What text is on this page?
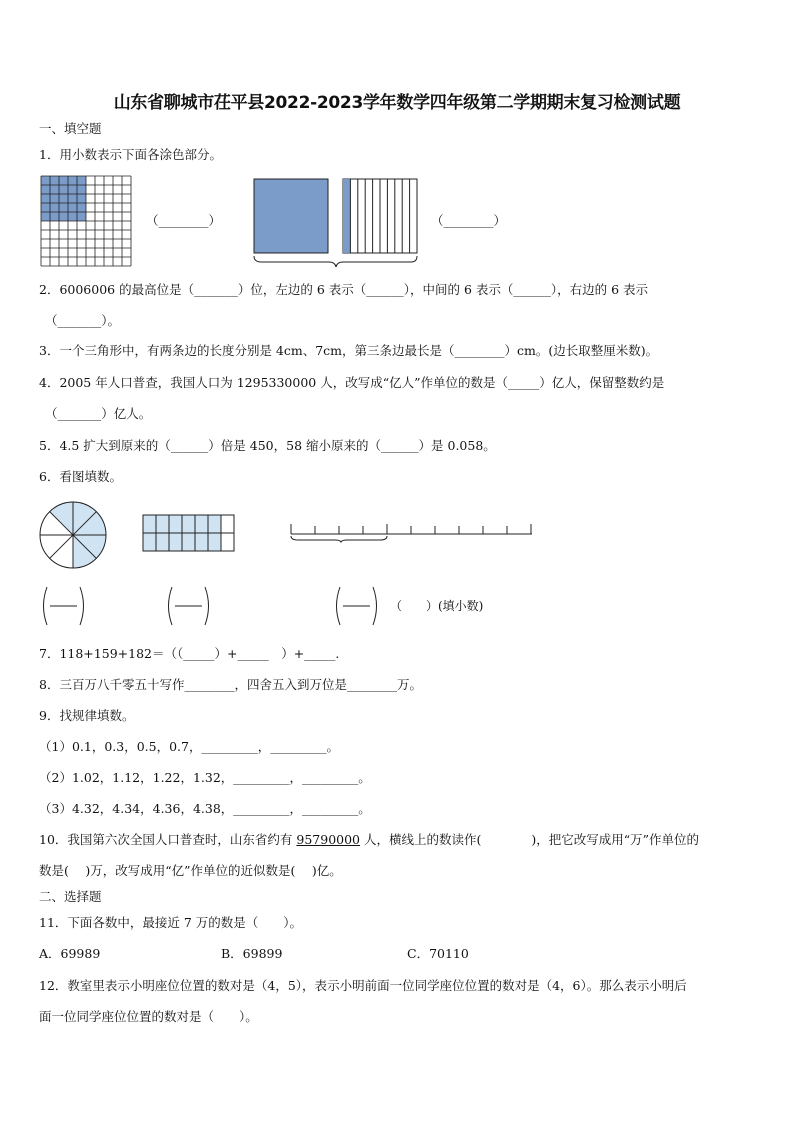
山东省聊城市茌平县2022-2023学年数学四年级第二学期期末复习检测试题
一、填空题
1．用小数表示下面各涂色部分。
（________）	（________）
2．6006006 的最高位是（_______）位，左边的 6 表示（______），中间的 6 表示（______），右边的 6 表示
（_______）。
3．一个三角形中，有两条边的长度分别是 4cm、7cm，第三条边最长是（________）cm。(边长取整厘米数)。
4．2005 年人口普查，我国人口为 1295330000 人，改写成“亿人”作单位的数是（_____）亿人，保留整数约是
（_______）亿人。
5．4.5 扩大到原来的（______）倍是 450，58 缩小原来的（______）是 0.058。
6．看图填数。
（　　）(填小数)
7．118+159+182＝（（_____）+_____　）+_____.
8．三百万八千零五十写作________，四舍五入到万位是________万。
9．找规律填数。
（1）0.1，0.3，0.5，0.7，_________，_________。
（2）1.02，1.12，1.22，1.32，_________，_________。
（3）4.32，4.34，4.36，4.38，_________，_________。
10．我国第六次全国人口普查时，山东省约有 95790000 人，横线上的数读作(　　　　)，把它改写成用“万”作单位的
数是(　 )万，改写成用“亿”作单位的近似数是(　 )亿。
二、选择题
11．下面各数中，最接近 7 万的数是（　　）。
A．69989	B．69899	C．70110
12．教室里表示小明座位位置的数对是（4，5），表示小明前面一位同学座位位置的数对是（4，6）。那么表示小明后
面一位同学座位位置的数对是（　　）。
